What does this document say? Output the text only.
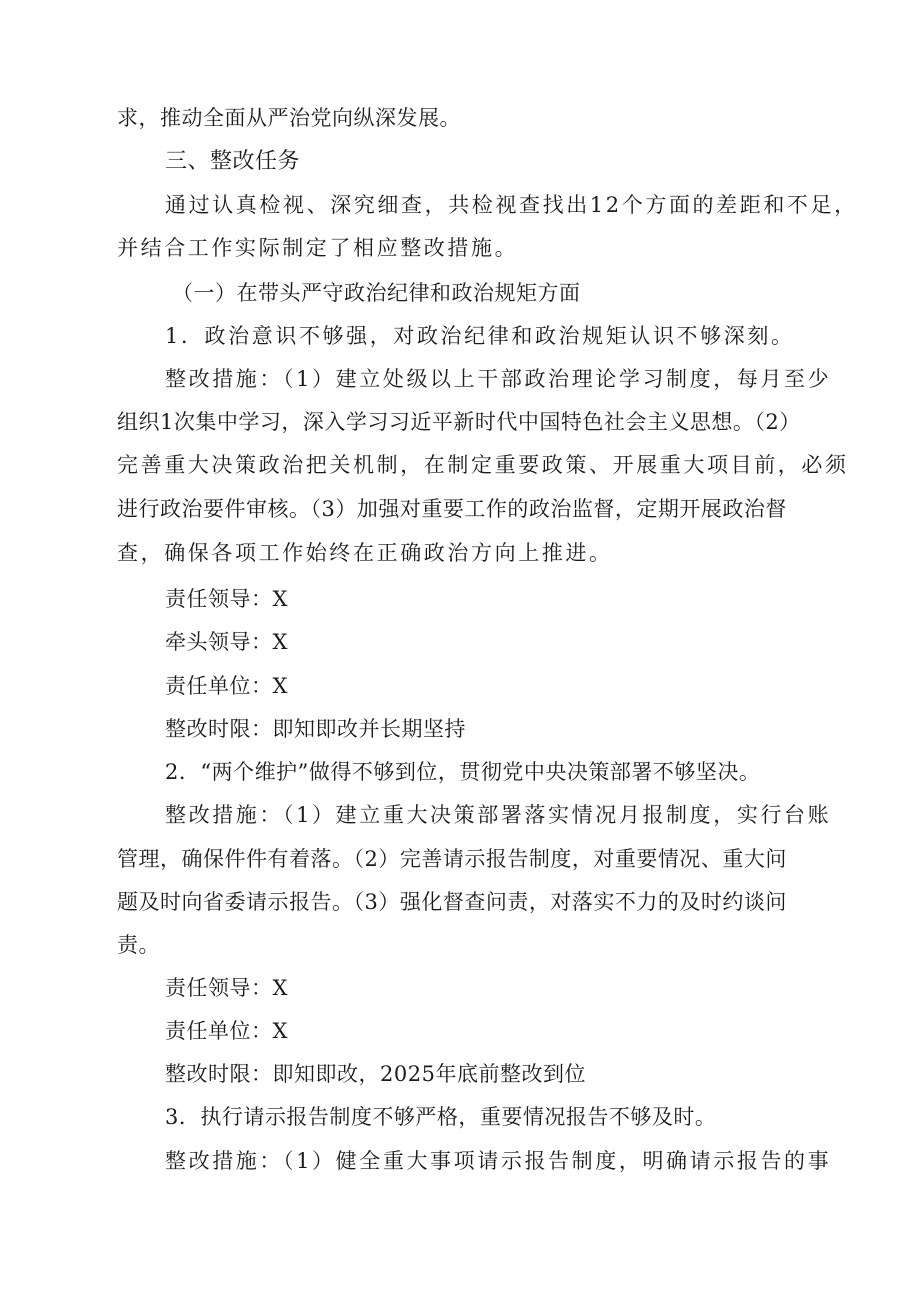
求，推动全面从严治党向纵深发展。
三、整改任务
通过认真检视、深究细查，共检视查找出12个方面的差距和不足，
并结合工作实际制定了相应整改措施。
（一）在带头严守政治纪律和政治规矩方面
1．政治意识不够强，对政治纪律和政治规矩认识不够深刻。
整改措施：（1）建立处级以上干部政治理论学习制度，每月至少
组织1次集中学习，深入学习习近平新时代中国特色社会主义思想。（2）
完善重大决策政治把关机制，在制定重要政策、开展重大项目前，必须
进行政治要件审核。（3）加强对重要工作的政治监督，定期开展政治督
查，确保各项工作始终在正确政治方向上推进。
责任领导：X
牵头领导：X
责任单位：X
整改时限：即知即改并长期坚持
2．“两个维护”做得不够到位，贯彻党中央决策部署不够坚决。
整改措施：（1）建立重大决策部署落实情况月报制度，实行台账
管理，确保件件有着落。（2）完善请示报告制度，对重要情况、重大问
题及时向省委请示报告。（3）强化督查问责，对落实不力的及时约谈问
责。
责任领导：X
责任单位：X
整改时限：即知即改，2025年底前整改到位
3．执行请示报告制度不够严格，重要情况报告不够及时。
整改措施：（1）健全重大事项请示报告制度，明确请示报告的事
